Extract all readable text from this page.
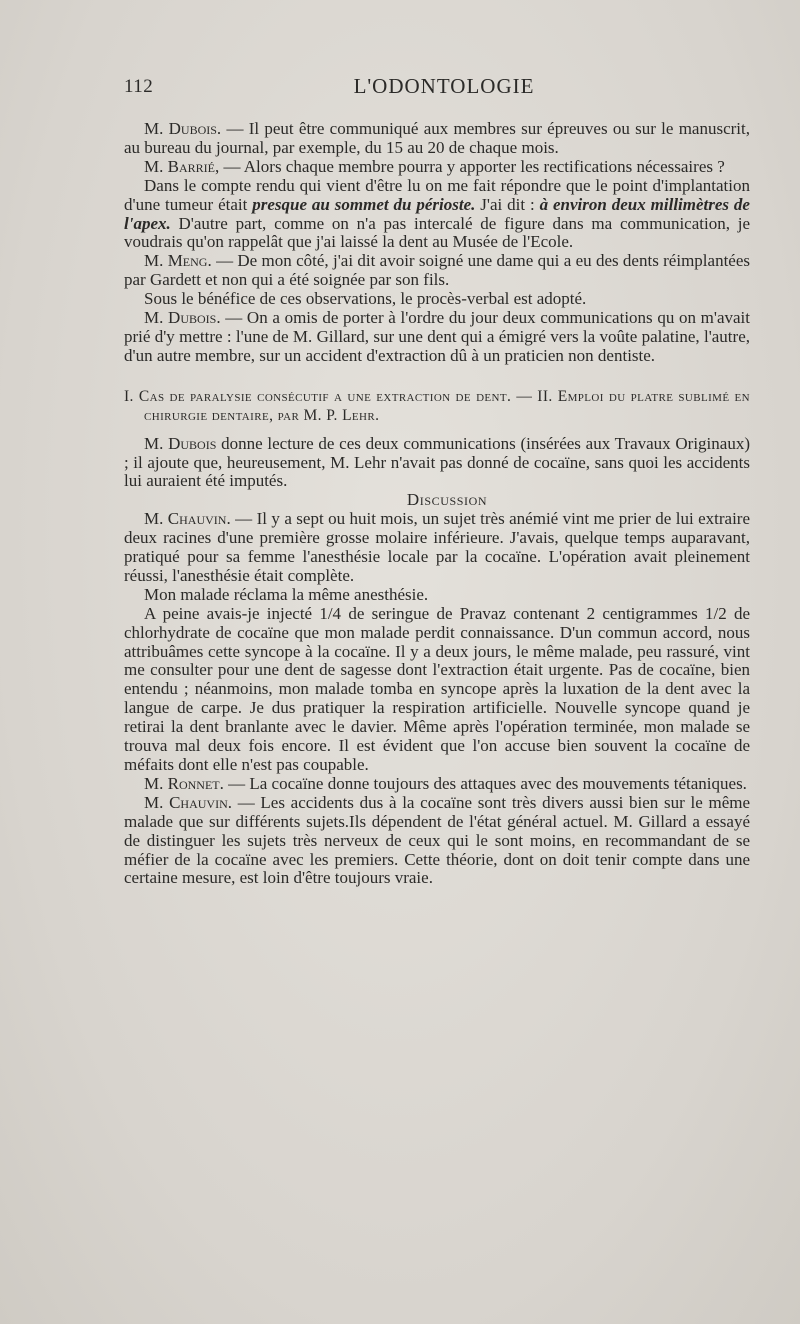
112	L'ODONTOLOGIE

M. Dubois. — Il peut être communiqué aux membres sur épreuves ou sur le manuscrit, au bureau du journal, par exemple, du 15 au 20 de chaque mois.

M. Barrié, — Alors chaque membre pourra y apporter les rectifications nécessaires ?

Dans le compte rendu qui vient d'être lu on me fait répondre que le point d'implantation d'une tumeur était presque au sommet du périoste. J'ai dit : à environ deux millimètres de l'apex. D'autre part, comme on n'a pas intercalé de figure dans ma communication, je voudrais qu'on rappelât que j'ai laissé la dent au Musée de l'Ecole.

M. Meng. — De mon côté, j'ai dit avoir soigné une dame qui a eu des dents réimplantées par Gardett et non qui a été soignée par son fils.

Sous le bénéfice de ces observations, le procès-verbal est adopté.

M. Dubois. — On a omis de porter à l'ordre du jour deux communications qu on m'avait prié d'y mettre : l'une de M. Gillard, sur une dent qui a émigré vers la voûte palatine, l'autre, d'un autre membre, sur un accident d'extraction dû à un praticien non dentiste.

I. Cas de paralysie consécutif a une extraction de dent. — II. Emploi du platre sublimé en chirurgie dentaire, par M. P. Lehr.

M. Dubois donne lecture de ces deux communications (insérées aux Travaux Originaux) ; il ajoute que, heureusement, M. Lehr n'avait pas donné de cocaïne, sans quoi les accidents lui auraient été imputés.

Discussion

M. Chauvin. — Il y a sept ou huit mois, un sujet très anémié vint me prier de lui extraire deux racines d'une première grosse molaire inférieure. J'avais, quelque temps auparavant, pratiqué pour sa femme l'anesthésie locale par la cocaïne. L'opération avait pleinement réussi, l'anesthésie était complète.

Mon malade réclama la même anesthésie.

A peine avais-je injecté 1/4 de seringue de Pravaz contenant 2 centigrammes 1/2 de chlorhydrate de cocaïne que mon malade perdit connaissance. D'un commun accord, nous attribuâmes cette syncope à la cocaïne. Il y a deux jours, le même malade, peu rassuré, vint me consulter pour une dent de sagesse dont l'extraction était urgente. Pas de cocaïne, bien entendu ; néanmoins, mon malade tomba en syncope après la luxation de la dent avec la langue de carpe. Je dus pratiquer la respiration artificielle. Nouvelle syncope quand je retirai la dent branlante avec le davier. Même après l'opération terminée, mon malade se trouva mal deux fois encore. Il est évident que l'on accuse bien souvent la cocaïne de méfaits dont elle n'est pas coupable.

M. Ronnet. — La cocaïne donne toujours des attaques avec des mouvements tétaniques.

M. Chauvin. — Les accidents dus à la cocaïne sont très divers aussi bien sur le même malade que sur différents sujets.Ils dépendent de l'état général actuel. M. Gillard a essayé de distinguer les sujets très nerveux de ceux qui le sont moins, en recommandant de se méfier de la cocaïne avec les premiers. Cette théorie, dont on doit tenir compte dans une certaine mesure, est loin d'être toujours vraie.
